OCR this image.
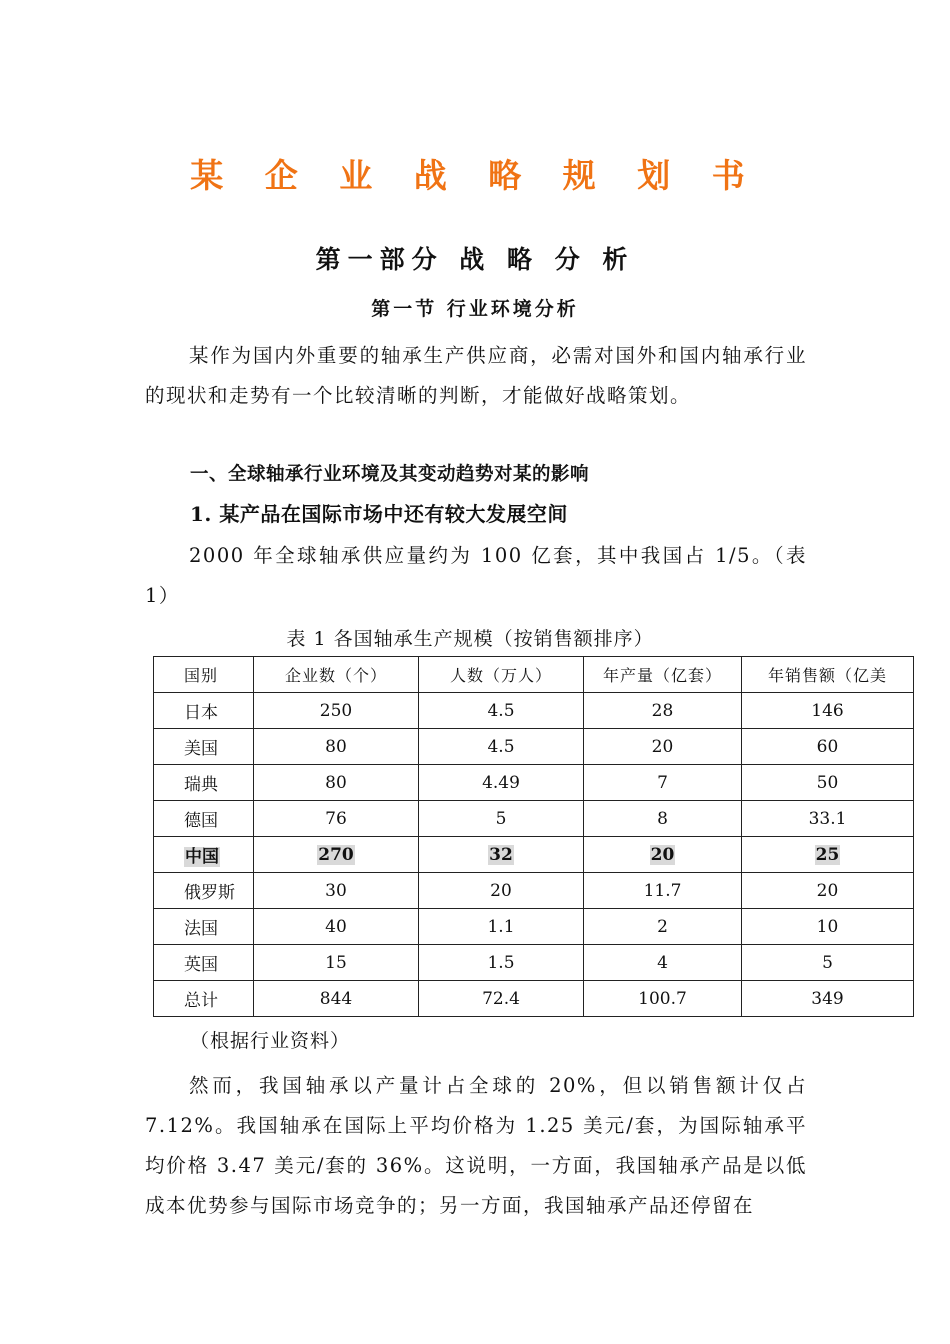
某 企 业 战 略 规 划 书
第一部分 战 略 分 析
第一节 行业环境分析

某作为国内外重要的轴承生产供应商，必需对国外和国内轴承行业的现状和走势有一个比较清晰的判断，才能做好战略策划。

一、全球轴承行业环境及其变动趋势对某的影响

1. 某产品在国际市场中还有较大发展空间

2000 年全球轴承供应量约为 100 亿套，其中我国占 1/5。（表 1）

表 1 各国轴承生产规模（按销售额排序）

国别	企业数（个）	人数（万人）	年产量（亿套）	年销售额（亿美
日本	250	4.5	28	146
美国	80	4.5	20	60
瑞典	80	4.49	7	50
德国	76	5	8	33.1
中国	270	32	20	25
俄罗斯	30	20	11.7	20
法国	40	1.1	2	10
英国	15	1.5	4	5
总计	844	72.4	100.7	349

（根据行业资料）

然而，我国轴承以产量计占全球的 20%，但以销售额计仅占 7.12%。我国轴承在国际上平均价格为 1.25 美元/套，为国际轴承平均价格 3.47 美元/套的 36%。这说明，一方面，我国轴承产品是以低成本优势参与国际市场竞争的；另一方面，我国轴承产品还停留在
